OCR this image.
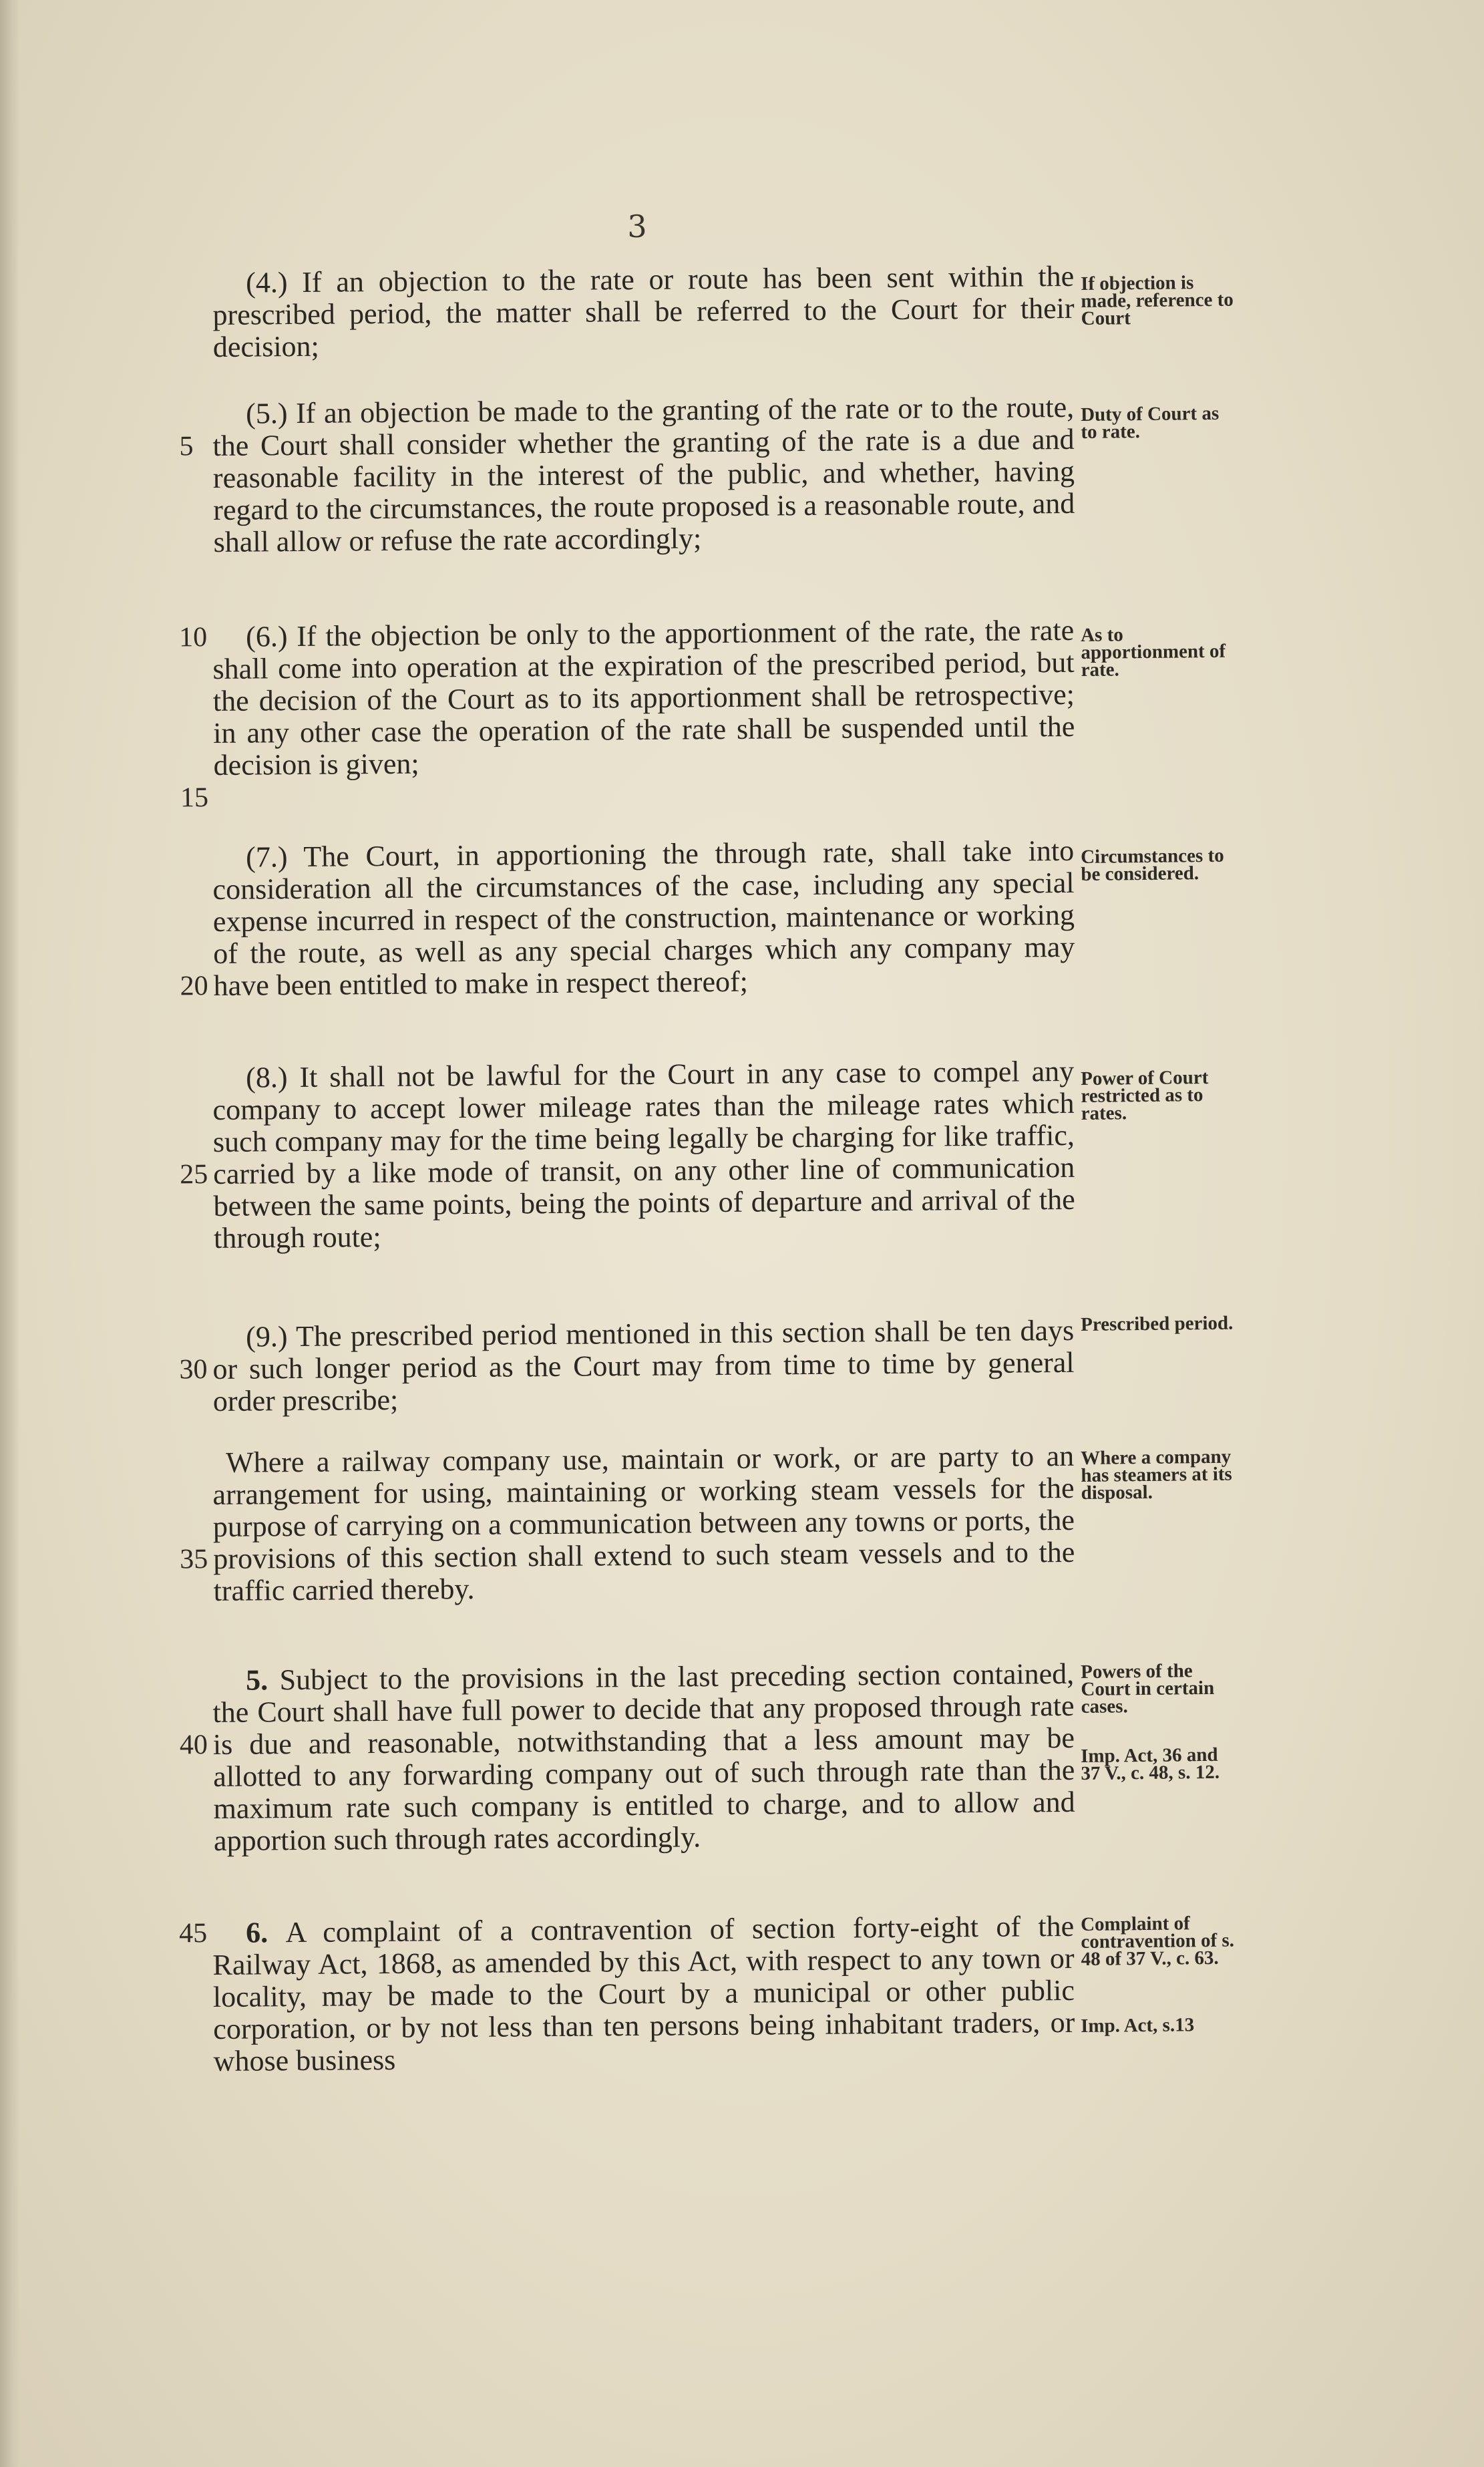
3

(4.) If an objection to the rate or route has been sent within the prescribed period, the matter shall be referred to the Court for their decision;

5
(5.) If an objection be made to the granting of the rate or to the route, the Court shall consider whether the granting of the rate is a due and reasonable facility in the interest of the public, and whether, having regard to the circumstances, the route proposed is a reasonable route, and shall allow or refuse the rate accordingly;

10
15
(6.) If the objection be only to the apportionment of the rate, the rate shall come into operation at the expiration of the prescribed period, but the decision of the Court as to its apportionment shall be retrospective; in any other case the operation of the rate shall be suspended until the decision is given;

20
(7.) The Court, in apportioning the through rate, shall take into consideration all the circumstances of the case, including any special expense incurred in respect of the construction, maintenance or working of the route, as well as any special charges which any company may have been entitled to make in respect thereof;

25
(8.) It shall not be lawful for the Court in any case to compel any company to accept lower mileage rates than the mileage rates which such company may for the time being legally be charging for like traffic, carried by a like mode of transit, on any other line of communication between the same points, being the points of departure and arrival of the through route;

30
(9.) The prescribed period mentioned in this section shall be ten days or such longer period as the Court may from time to time by general order prescribe;

35
Where a railway company use, maintain or work, or are party to an arrangement for using, maintaining or working steam vessels for the purpose of carrying on a communication between any towns or ports, the provisions of this section shall extend to such steam vessels and to the traffic carried thereby.

40
5. Subject to the provisions in the last preceding section contained, the Court shall have full power to decide that any proposed through rate is due and reasonable, notwithstanding that a less amount may be allotted to any forwarding company out of such through rate than the maximum rate such company is entitled to charge, and to allow and apportion such through rates accordingly.

45	6. A complaint of a contravention of section forty-eight of the Railway Act, 1868, as amended by this Act, with respect to any town or locality, may be made to the Court by a municipal or other public corporation, or by not less than ten persons being inhabitant traders, or whose business

If objection is made, reference to Court
Duty of Court as to rate.
As to apportionment of rate.
Circumstances to be considered.
Power of Court restricted as to rates.
Prescribed period.
Where a company has steamers at its disposal.
Powers of the Court in certain cases.
Imp. Act, 36 and 37 V., c. 48, s. 12.
Complaint of contravention of s. 48 of 37 V., c. 63.
Imp. Act, s.13
